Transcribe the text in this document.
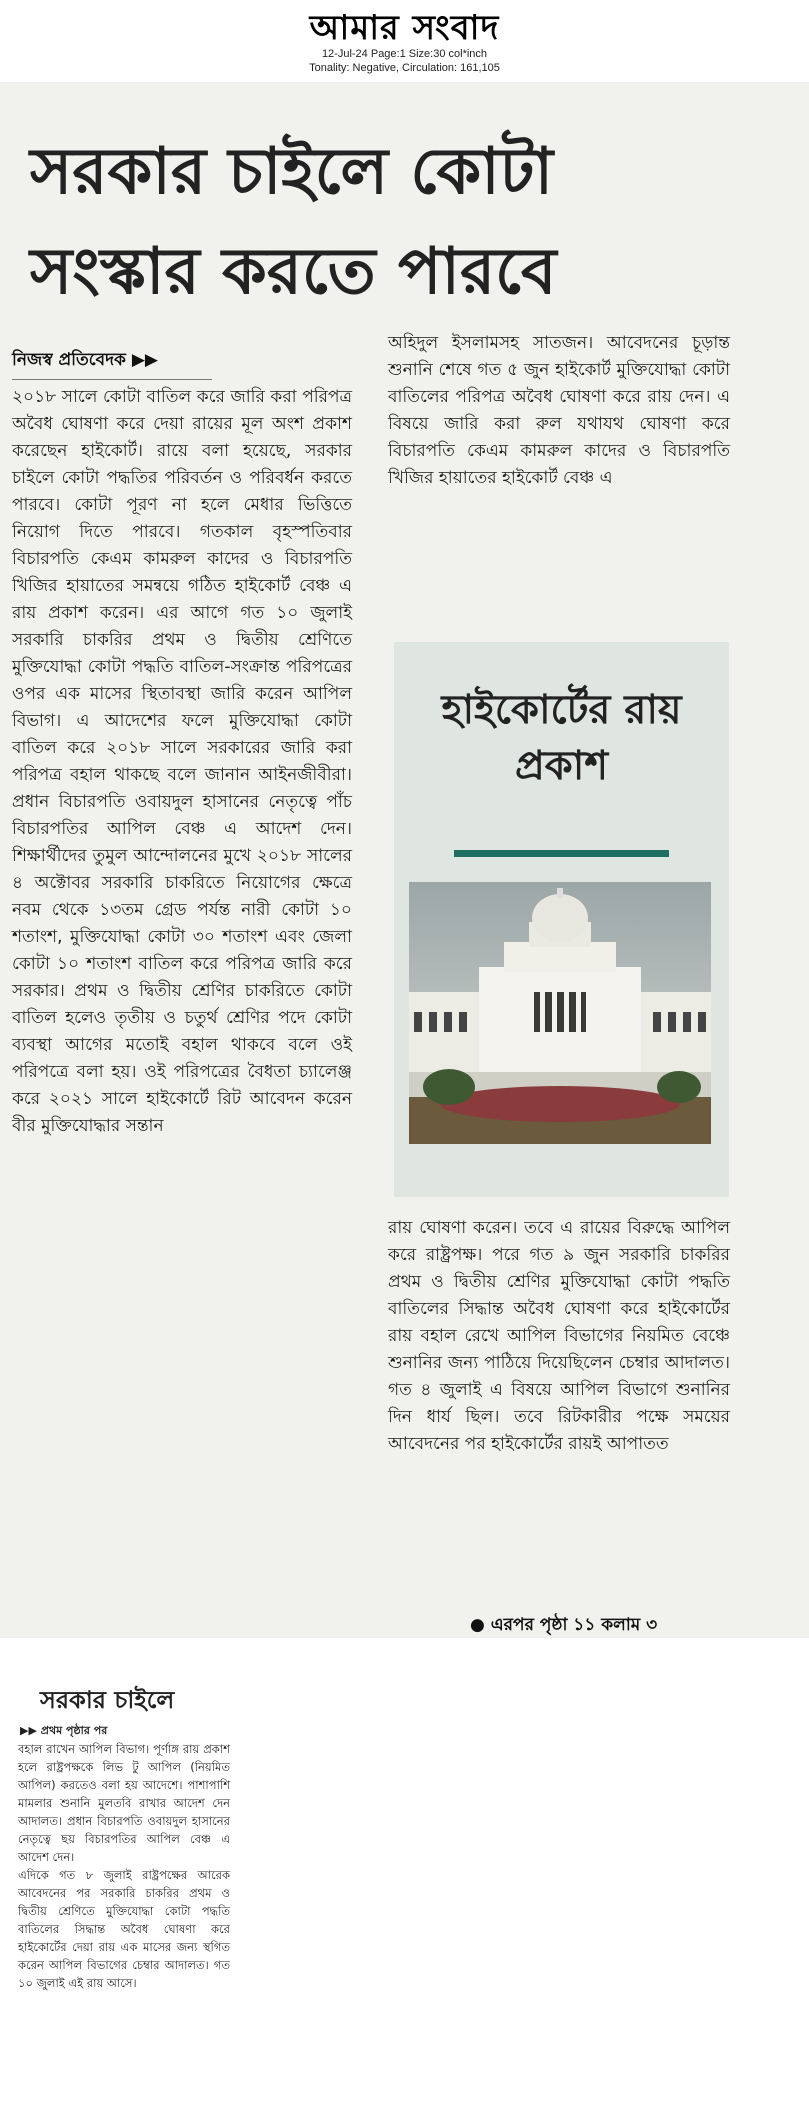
আমার সংবাদ
12-Jul-24 Page:1 Size:30 col*inch
Tonality: Negative, Circulation: 161,105
সরকার চাইলে কোটা সংস্কার করতে পারবে
নিজস্ব প্রতিবেদক ▶▶

২০১৮ সালে কোটা বাতিল করে জারি করা পরিপত্র অবৈধ ঘোষণা করে দেয়া রায়ের মূল অংশ প্রকাশ করেছেন হাইকোর্ট। রায়ে বলা হয়েছে, সরকার চাইলে কোটা পদ্ধতির পরিবর্তন ও পরিবর্ধন করতে পারবে। কোটা পূরণ না হলে মেধার ভিত্তিতে নিয়োগ দিতে পারবে। গতকাল বৃহস্পতিবার বিচারপতি কেএম কামরুল কাদের ও বিচারপতি খিজির হায়াতের সমন্বয়ে গঠিত হাইকোর্ট বেঞ্চ এ রায় প্রকাশ করেন। এর আগে গত ১০ জুলাই সরকারি চাকরির প্রথম ও দ্বিতীয় শ্রেণিতে মুক্তিযোদ্ধা কোটা পদ্ধতি বাতিল-সংক্রান্ত পরিপত্রের ওপর এক মাসের স্থিতাবস্থা জারি করেন আপিল বিভাগ। এ আদেশের ফলে মুক্তিযোদ্ধা কোটা বাতিল করে ২০১৮ সালে সরকারের জারি করা পরিপত্র বহাল থাকছে বলে জানান আইনজীবীরা। প্রধান বিচারপতি ওবায়দুল হাসানের নেতৃত্বে পাঁচ বিচারপতির আপিল বেঞ্চ এ আদেশ দেন। শিক্ষার্থীদের তুমুল আন্দোলনের মুখে ২০১৮ সালের ৪ অক্টোবর সরকারি চাকরিতে নিয়োগের ক্ষেত্রে নবম থেকে ১৩তম গ্রেড পর্যন্ত নারী কোটা ১০ শতাংশ, মুক্তিযোদ্ধা কোটা ৩০ শতাংশ এবং জেলা কোটা ১০ শতাংশ বাতিল করে পরিপত্র জারি করে সরকার। প্রথম ও দ্বিতীয় শ্রেণির চাকরিতে কোটা বাতিল হলেও তৃতীয় ও চতুর্থ শ্রেণির পদে কোটা ব্যবস্থা আগের মতোই বহাল থাকবে বলে ওই পরিপত্রে বলা হয়। ওই পরিপত্রের বৈধতা চ্যালেঞ্জ করে ২০২১ সালে হাইকোর্টে রিট আবেদন করেন বীর মুক্তিযোদ্ধার সন্তান

অহিদুল ইসলামসহ সাতজন। আবেদনের চূড়ান্ত শুনানি শেষে গত ৫ জুন হাইকোর্ট মুক্তিযোদ্ধা কোটা বাতিলের পরিপত্র অবৈধ ঘোষণা করে রায় দেন। এ বিষয়ে জারি করা রুল যথাযথ ঘোষণা করে বিচারপতি কেএম কামরুল কাদের ও বিচারপতি খিজির হায়াতের হাইকোর্ট বেঞ্চ এ

হাইকোর্টের রায় প্রকাশ

রায় ঘোষণা করেন। তবে এ রায়ের বিরুদ্ধে আপিল করে রাষ্ট্রপক্ষ। পরে গত ৯ জুন সরকারি চাকরির প্রথম ও দ্বিতীয় শ্রেণির মুক্তিযোদ্ধা কোটা পদ্ধতি বাতিলের সিদ্ধান্ত অবৈধ ঘোষণা করে হাইকোর্টের রায় বহাল রেখে আপিল বিভাগের নিয়মিত বেঞ্চে শুনানির জন্য পাঠিয়ে দিয়েছিলেন চেম্বার আদালত। গত ৪ জুলাই এ বিষয়ে আপিল বিভাগে শুনানির দিন ধার্য ছিল। তবে রিটকারীর পক্ষে সময়ের আবেদনের পর হাইকোর্টের রায়ই আপাতত

● এরপর পৃষ্ঠা ১১ কলাম ৩
সরকার চাইলে
▶▶ প্রথম পৃষ্ঠার পর

বহাল রাখেন আপিল বিভাগ। পূর্ণাঙ্গ রায় প্রকাশ হলে রাষ্ট্রপক্ষকে লিভ টু আপিল (নিয়মিত আপিল) করতেও বলা হয় আদেশে। পাশাপাশি মামলার শুনানি মুলতবি রাখার আদেশ দেন আদালত। প্রধান বিচারপতি ওবায়দুল হাসানের নেতৃত্বে ছয় বিচারপতির আপিল বেঞ্চ এ আদেশ দেন।

এদিকে গত ৮ জুলাই রাষ্ট্রপক্ষের আরেক আবেদনের পর সরকারি চাকরির প্রথম ও দ্বিতীয় শ্রেণিতে মুক্তিযোদ্ধা কোটা পদ্ধতি বাতিলের সিদ্ধান্ত অবৈধ ঘোষণা করে হাইকোর্টের দেয়া রায় এক মাসের জন্য স্থগিত করেন আপিল বিভাগের চেম্বার আদালত। গত ১০ জুলাই এই রায় আসে।
